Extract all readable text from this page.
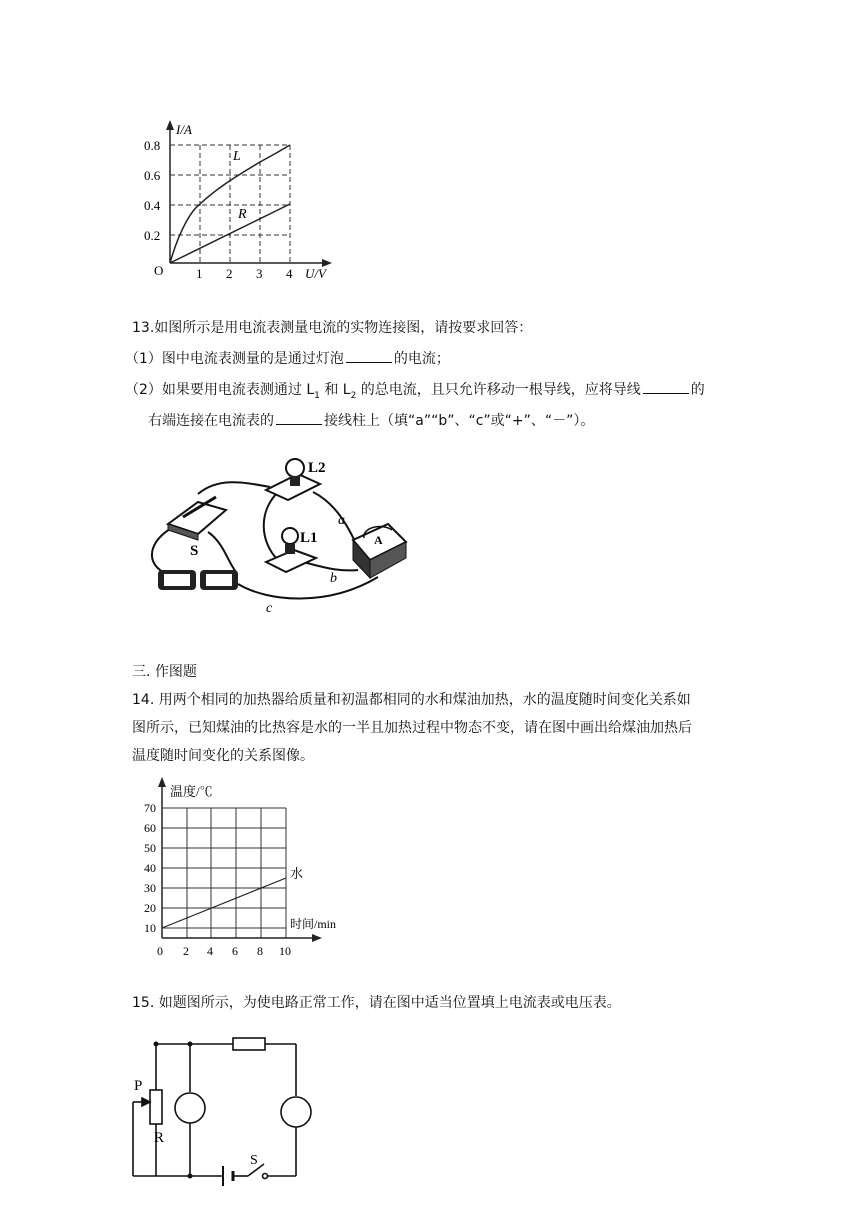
I/A
U/V
O
0.8
0.6
0.4
0.2
1 2 3 4
L
R
13.如图所示是用电流表测量电流的实物连接图，请按要求回答：
（1）图中电流表测量的是通过灯泡	的电流；
（2）如果要用电流表测通过 $L_1$ 和 $L_2$ 的总电流，且只允许移动一根导线，应将导线	的
右端连接在电流表的	接线柱上（填“a”“b”、“c”或“+”、“－”）。
S
L2
L1	A
a
b
c
三. 作图题
14. 用两个相同的加热器给质量和初温都相同的水和煤油加热，水的温度随时间变化关系如
图所示，已知煤油的比热容是水的一半且加热过程中物态不变，请在图中画出给煤油加热后
温度随时间变化的关系图像。
温度/℃
时间/min
水
70
60
50
40
30
20
10
0 2 4 6 8 10
15. 如题图所示，为使电路正常工作，请在图中适当位置填上电流表或电压表。
P
R
S
